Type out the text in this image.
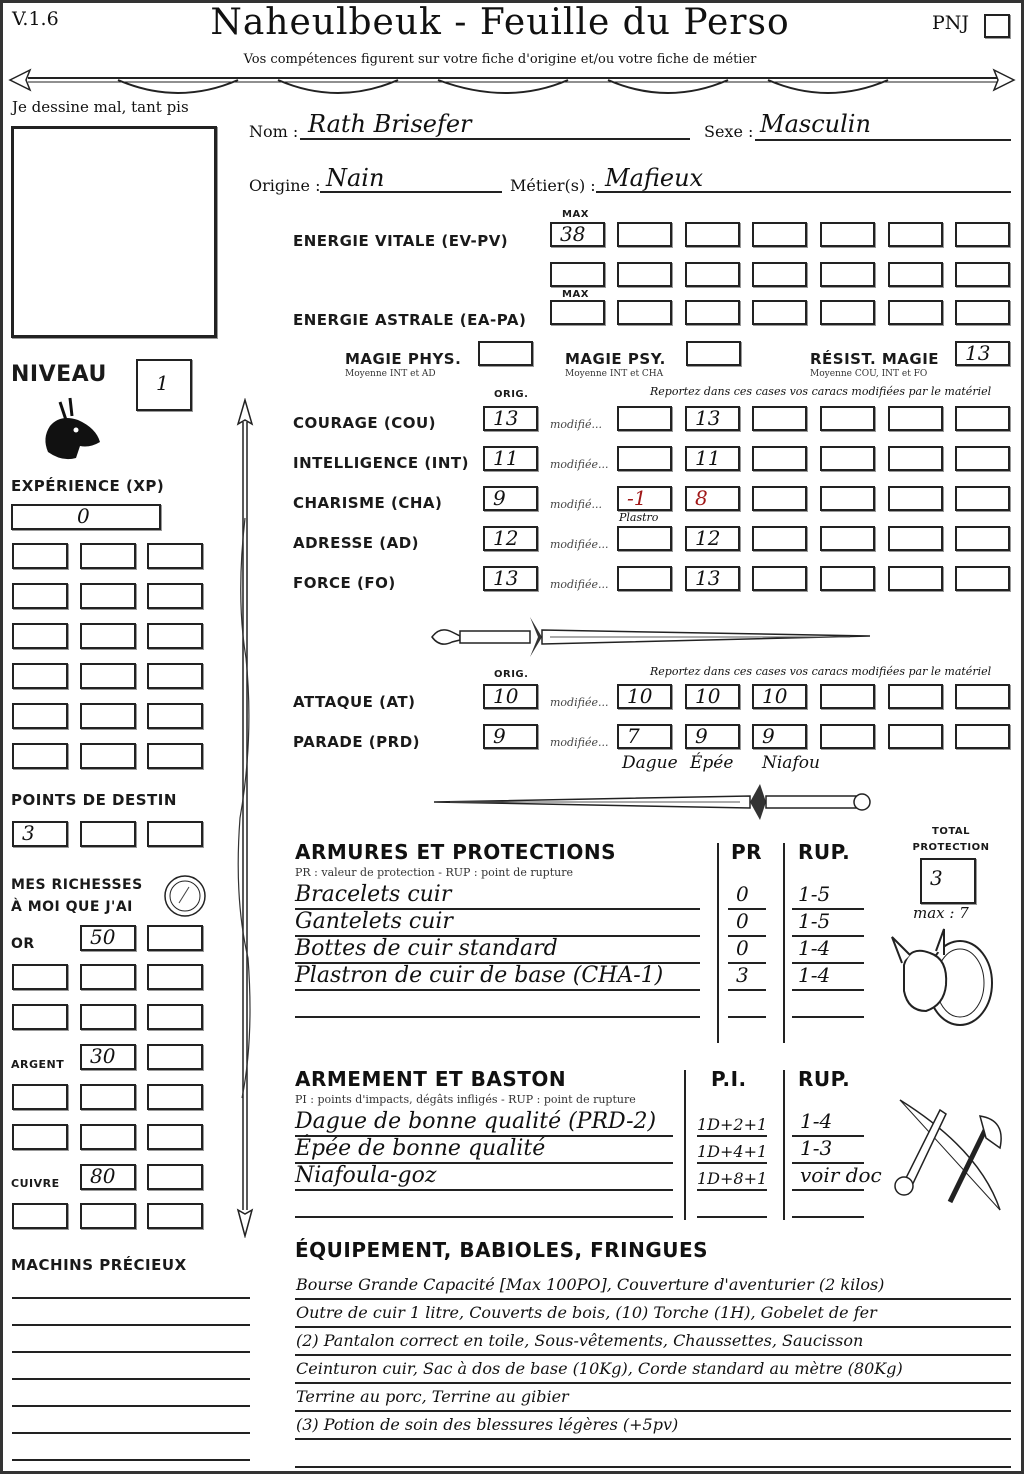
V.1.6	Naheulbeuk - Feuille du Perso	PNJ
Vos compétences figurent sur votre fiche d'origine et/ou votre fiche de métier
Je dessine mal, tant pis
Nom : Rath Brisefer	Sexe : Masculin
Origine : Nain	Métier(s) : Mafieux
MAX
ENERGIE VITALE (EV-PV)	38
MAX
ENERGIE ASTRALE (EA-PA)
MAGIE PHYS.
Moyenne INT et AD
MAGIE PSY.
Moyenne INT et CHA
RÉSIST. MAGIE
Moyenne COU, INT et FO
13
ORIG.	Reportez dans ces cases vos caracs modifiées par le matériel
COURAGE (COU)	13	modifié...	13
INTELLIGENCE (INT) 11	modifiée...	11
CHARISME (CHA)	9	modifié... -1 8
Plastro
ADRESSE (AD)	12	modifiée...	12
FORCE (FO)	13	modifiée...	13
ORIG.	Reportez dans ces cases vos caracs modifiées par le matériel
ATTAQUE (AT)	10	modifiée... 10 10 10
PARADE (PRD)	9	modifiée... 7	9	9
Dague Épée Niafou
NIVEAU 1
EXPÉRIENCE (XP)
0
POINTS DE DESTIN
3
MES RICHESSES
À MOI QUE J'AI
OR
ARGENT
CUIVRE
50
30
80
MACHINS PRÉCIEUX
ARMURES ET PROTECTIONS
PR : valeur de protection - RUP : point de rupture
PR RUP.
Bracelets cuir	0 1-5
Gantelets cuir	0 1-5
Bottes de cuir standard	0 1-4
Plastron de cuir de base (CHA-1)	3 1-4
TOTAL
PROTECTION
3
max : 7
ARMEMENT ET BASTON
PI : points d'impacts, dégâts infligés - RUP : point de rupture
P.I.	RUP.
Dague de bonne qualité (PRD-2)	1D+2+1 1-4
Épée de bonne qualité	1D+4+1 1-3
Niafoula-goz	1D+8+1 voir doc
ÉQUIPEMENT, BABIOLES, FRINGUES
Bourse Grande Capacité [Max 100PO], Couverture d'aventurier (2 kilos)
Outre de cuir 1 litre, Couverts de bois, (10) Torche (1H), Gobelet de fer
(2) Pantalon correct en toile, Sous-vêtements, Chaussettes, Saucisson
Ceinturon cuir, Sac à dos de base (10Kg), Corde standard au mètre (80Kg)
Terrine au porc, Terrine au gibier
(3) Potion de soin des blessures légères (+5pv)
